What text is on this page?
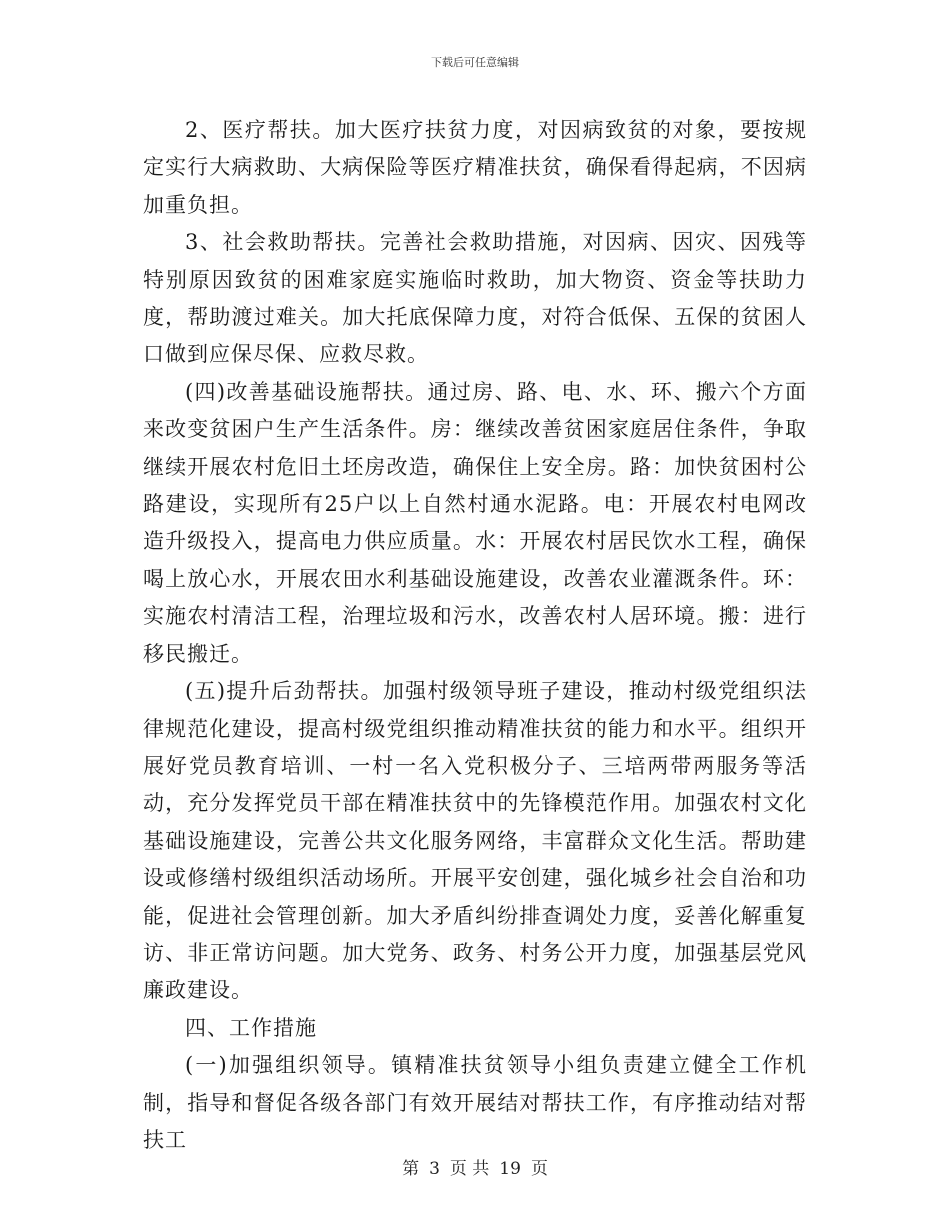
下载后可任意编辑

2、医疗帮扶。加大医疗扶贫力度，对因病致贫的对象，要按规定实行大病救助、大病保险等医疗精准扶贫，确保看得起病，不因病加重负担。

3、社会救助帮扶。完善社会救助措施，对因病、因灾、因残等特别原因致贫的困难家庭实施临时救助，加大物资、资金等扶助力度，帮助渡过难关。加大托底保障力度，对符合低保、五保的贫困人口做到应保尽保、应救尽救。

(四)改善基础设施帮扶。通过房、路、电、水、环、搬六个方面来改变贫困户生产生活条件。房：继续改善贫困家庭居住条件，争取继续开展农村危旧土坯房改造，确保住上安全房。路：加快贫困村公路建设，实现所有25户以上自然村通水泥路。电：开展农村电网改造升级投入，提高电力供应质量。水：开展农村居民饮水工程，确保喝上放心水，开展农田水利基础设施建设，改善农业灌溉条件。环：实施农村清洁工程，治理垃圾和污水，改善农村人居环境。搬：进行移民搬迁。

(五)提升后劲帮扶。加强村级领导班子建设，推动村级党组织法律规范化建设，提高村级党组织推动精准扶贫的能力和水平。组织开展好党员教育培训、一村一名入党积极分子、三培两带两服务等活动，充分发挥党员干部在精准扶贫中的先锋模范作用。加强农村文化基础设施建设，完善公共文化服务网络，丰富群众文化生活。帮助建设或修缮村级组织活动场所。开展平安创建，强化城乡社会自治和功能，促进社会管理创新。加大矛盾纠纷排查调处力度，妥善化解重复访、非正常访问题。加大党务、政务、村务公开力度，加强基层党风廉政建设。

四、工作措施

(一)加强组织领导。镇精准扶贫领导小组负责建立健全工作机制，指导和督促各级各部门有效开展结对帮扶工作，有序推动结对帮扶工

第 3 页 共 19 页
